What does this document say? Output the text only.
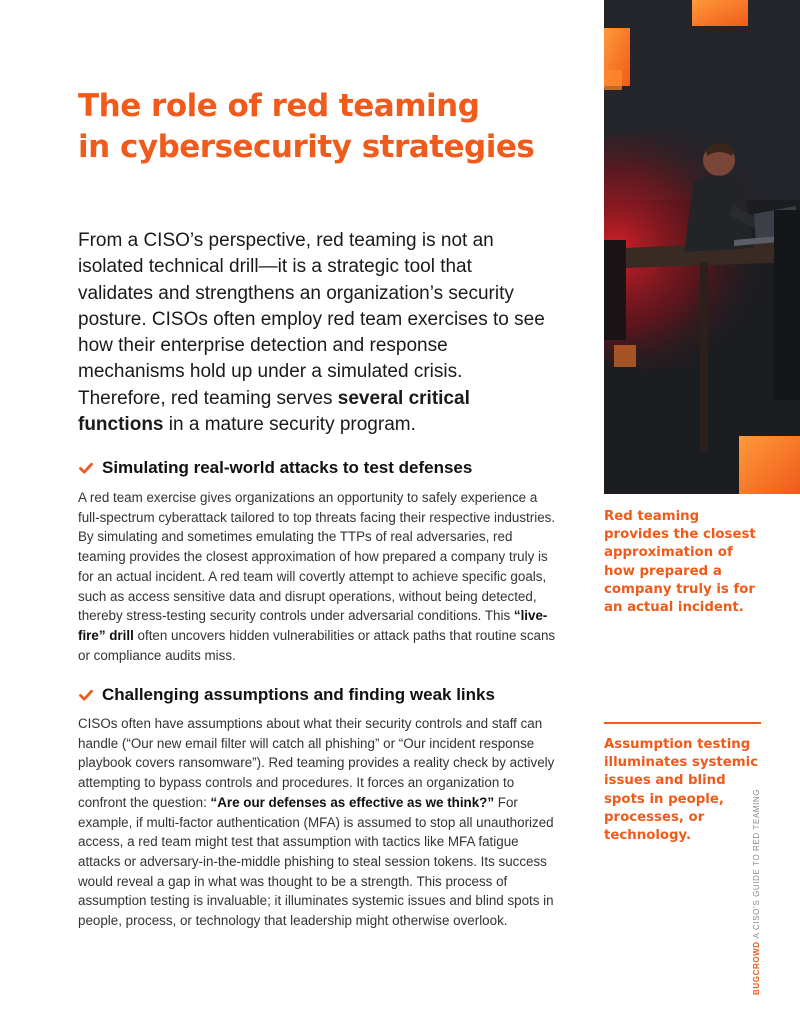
The role of red teaming
in cybersecurity strategies

From a CISO’s perspective, red teaming is not an isolated technical drill—it is a strategic tool that validates and strengthens an organization’s security posture. CISOs often employ red team exercises to see how their enterprise detection and response mechanisms hold up under a simulated crisis. Therefore, red teaming serves several critical functions in a mature security program.

Simulating real-world attacks to test defenses

A red team exercise gives organizations an opportunity to safely experience a full-spectrum cyberattack tailored to top threats facing their respective industries. By simulating and sometimes emulating the TTPs of real adversaries, red teaming provides the closest approximation of how prepared a company truly is for an actual incident. A red team will covertly attempt to achieve specific goals, such as access sensitive data and disrupt operations, without being detected, thereby stress-testing security controls under adversarial conditions. This “live-fire” drill often uncovers hidden vulnerabilities or attack paths that routine scans or compliance audits miss.

Challenging assumptions and finding weak links

CISOs often have assumptions about what their security controls and staff can handle (“Our new email filter will catch all phishing” or “Our incident response playbook covers ransomware”). Red teaming provides a reality check by actively attempting to bypass controls and procedures. It forces an organization to confront the question: “Are our defenses as effective as we think?” For example, if multi-factor authentication (MFA) is assumed to stop all unauthorized access, a red team might test that assumption with tactics like MFA fatigue attacks or adversary-in-the-middle phishing to steal session tokens. Its success would reveal a gap in what was thought to be a strength. This process of assumption testing is invaluable; it illuminates systemic issues and blind spots in people, process, or technology that leadership might otherwise overlook.

Red teaming provides the closest approximation of how prepared a company truly is for an actual incident.
Assumption testing illuminates systemic issues and blind spots in people, processes, or technology.
BUGCROWDA CISO’S GUIDE TO RED TEAMING
